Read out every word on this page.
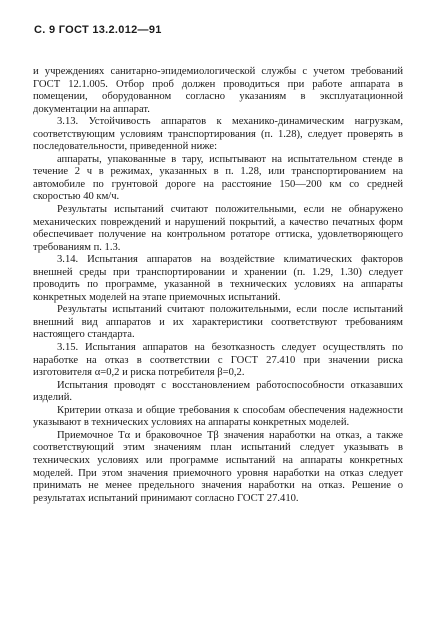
С. 9 ГОСТ 13.2.012—91

и учреждениях санитарно-эпидемиологической службы с учетом требований ГОСТ 12.1.005. Отбор проб должен проводиться при работе аппарата в помещении, оборудованном согласно указаниям в эксплуатационной документации на аппарат.

3.13. Устойчивость аппаратов к механико-динамическим нагрузкам, соответствующим условиям транспортирования (п. 1.28), следует проверять в последовательности, приведенной ниже:

аппараты, упакованные в тару, испытывают на испытательном стенде в течение 2 ч в режимах, указанных в п. 1.28, или транспортированием на автомобиле по грунтовой дороге на расстояние 150—200 км со средней скоростью 40 км/ч.

Результаты испытаний считают положительными, если не обнаружено механических повреждений и нарушений покрытий, а качество печатных форм обеспечивает получение на контрольном ротаторе оттиска, удовлетворяющего требованиям п. 1.3.

3.14. Испытания аппаратов на воздействие климатических факторов внешней среды при транспортировании и хранении (п. 1.29, 1.30) следует проводить по программе, указанной в технических условиях на аппараты конкретных моделей на этапе приемочных испытаний.

Результаты испытаний считают положительными, если после испытаний внешний вид аппаратов и их характеристики соответствуют требованиям настоящего стандарта.

3.15. Испытания аппаратов на безотказность следует осуществлять по наработке на отказ в соответствии с ГОСТ 27.410 при значении риска изготовителя α=0,2 и риска потребителя β=0,2.

Испытания проводят с восстановлением работоспособности отказавших изделий.

Критерии отказа и общие требования к способам обеспечения надежности указывают в технических условиях на аппараты конкретных моделей.

Приемочное Tα и браковочное Tβ значения наработки на отказ, а также соответствующий этим значениям план испытаний следует указывать в технических условиях или программе испытаний на аппараты конкретных моделей. При этом значения приемочного уровня наработки на отказ следует принимать не менее предельного значения наработки на отказ. Решение о результатах испытаний принимают согласно ГОСТ 27.410.
